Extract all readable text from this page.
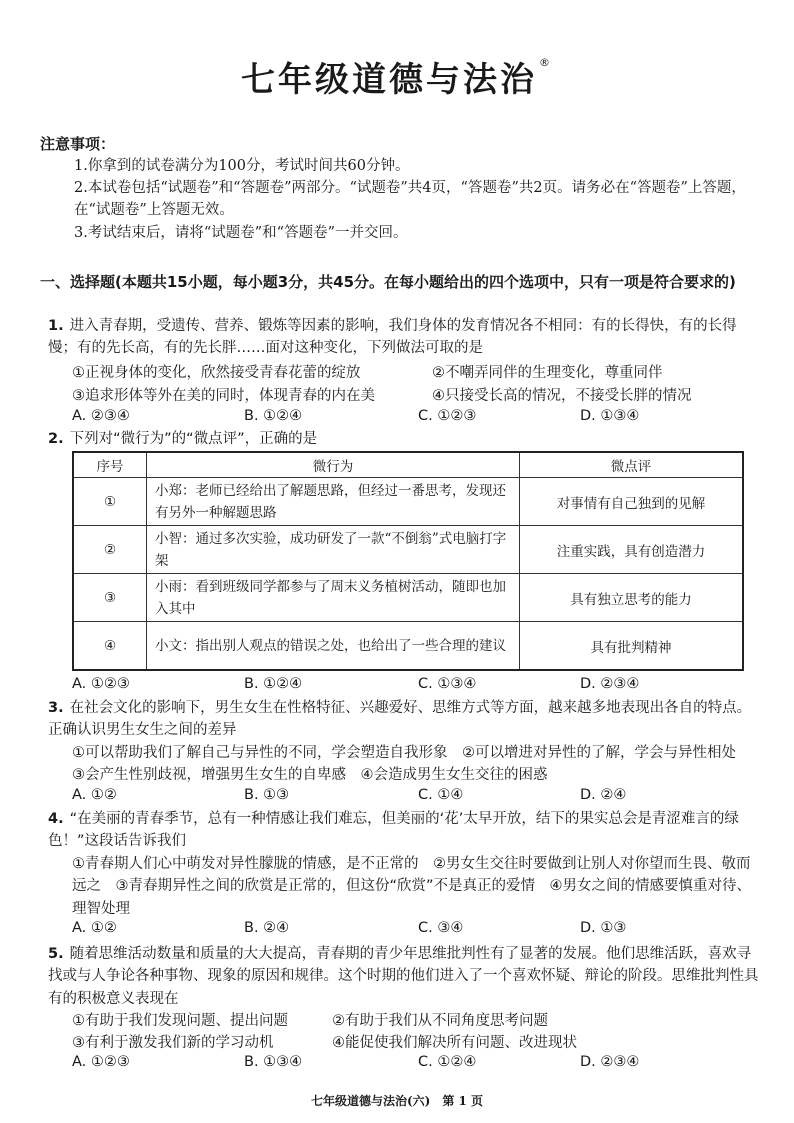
七年级道德与法治 ®
注意事项：
1.你拿到的试卷满分为100分，考试时间共60分钟。
2.本试卷包括“试题卷”和“答题卷”两部分。“试题卷”共4页，“答题卷”共2页。请务必在“答题卷”上答题，在“试题卷”上答题无效。
3.考试结束后，请将“试题卷”和“答题卷”一并交回。
一、选择题(本题共15小题，每小题3分，共45分。在每小题给出的四个选项中，只有一项是符合要求的)
1. 进入青春期，受遗传、营养、锻炼等因素的影响，我们身体的发育情况各不相同：有的长得快，有的长得慢；有的先长高，有的先长胖……面对这种变化，下列做法可取的是
①正视身体的变化，欣然接受青春花蕾的绽放	②不嘲弄同伴的生理变化，尊重同伴
③追求形体等外在美的同时，体现青春的内在美	④只接受长高的情况，不接受长胖的情况
A. ②③④	B. ①②④	C. ①②③	D. ①③④
2. 下列对“微行为”的“微点评”，正确的是
序号	微行为	微点评
①	小郑：老师已经给出了解题思路，但经过一番思考，发现还有另外一种解题思路	对事情有自己独到的见解
②	小智：通过多次实验，成功研发了一款“不倒翁”式电脑打字架	注重实践，具有创造潜力
③	小雨：看到班级同学都参与了周末义务植树活动，随即也加入其中	具有独立思考的能力
④	小文：指出别人观点的错误之处，也给出了一些合理的建议	具有批判精神
A. ①②③	B. ①②④	C. ①③④	D. ②③④
3. 在社会文化的影响下，男生女生在性格特征、兴趣爱好、思维方式等方面，越来越多地表现出各自的特点。正确认识男生女生之间的差异
①可以帮助我们了解自己与异性的不同，学会塑造自我形象　②可以增进对异性的了解，学会与异性相处　③会产生性别歧视，增强男生女生的自卑感　④会造成男生女生交往的困惑
A. ①②	B. ①③	C. ①④	D. ②④
4. “在美丽的青春季节，总有一种情感让我们难忘，但美丽的‘花’太早开放，结下的果实总会是青涩难言的绿色！”这段话告诉我们
①青春期人们心中萌发对异性朦胧的情感，是不正常的　②男女生交往时要做到让别人对你望而生畏、敬而远之　③青春期异性之间的欣赏是正常的，但这份“欣赏”不是真正的爱情　④男女之间的情感要慎重对待、理智处理
A. ①②	B. ②④	C. ③④	D. ①③
5. 随着思维活动数量和质量的大大提高，青春期的青少年思维批判性有了显著的发展。他们思维活跃，喜欢寻找或与人争论各种事物、现象的原因和规律。这个时期的他们进入了一个喜欢怀疑、辩论的阶段。思维批判性具有的积极意义表现在
①有助于我们发现问题、提出问题	②有助于我们从不同角度思考问题
③有利于激发我们新的学习动机	④能促使我们解决所有问题、改进现状
A. ①②③	B. ①③④	C. ①②④	D. ②③④
七年级道德与法治(六)　第 1 页
